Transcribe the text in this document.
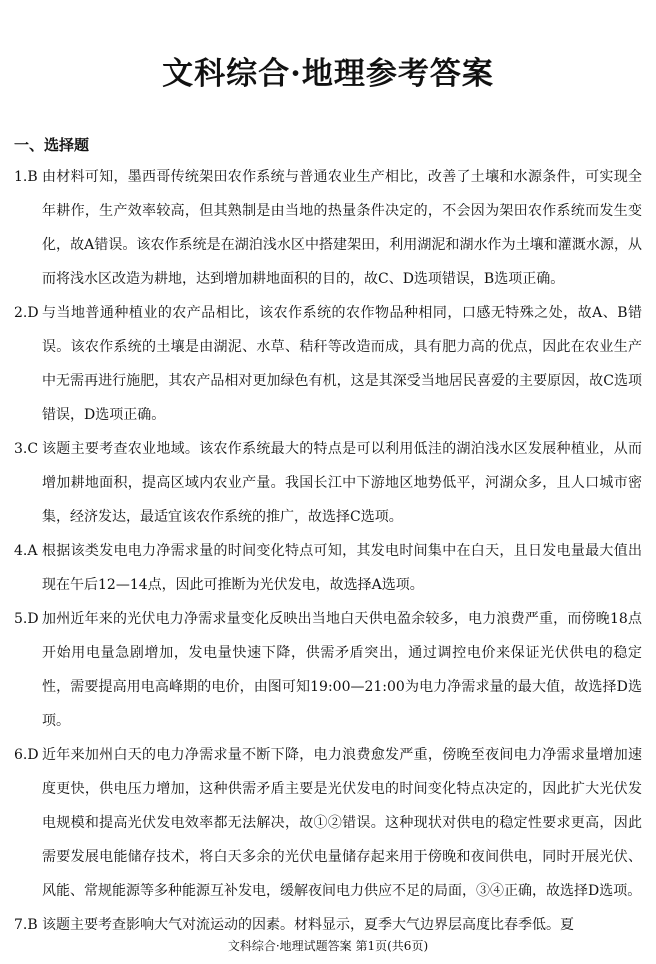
文科综合·地理参考答案
一、选择题

1.B 由材料可知，墨西哥传统架田农作系统与普通农业生产相比，改善了土壤和水源条件，可实现全年耕作，生产效率较高，但其熟制是由当地的热量条件决定的，不会因为架田农作系统而发生变化，故A错误。该农作系统是在湖泊浅水区中搭建架田，利用湖泥和湖水作为土壤和灌溉水源，从而将浅水区改造为耕地，达到增加耕地面积的目的，故C、D选项错误，B选项正确。

2.D 与当地普通种植业的农产品相比，该农作系统的农作物品种相同，口感无特殊之处，故A、B错误。该农作系统的土壤是由湖泥、水草、秸秆等改造而成，具有肥力高的优点，因此在农业生产中无需再进行施肥，其农产品相对更加绿色有机，这是其深受当地居民喜爱的主要原因，故C选项错误，D选项正确。

3.C 该题主要考查农业地域。该农作系统最大的特点是可以利用低洼的湖泊浅水区发展种植业，从而增加耕地面积，提高区域内农业产量。我国长江中下游地区地势低平，河湖众多，且人口城市密集，经济发达，最适宜该农作系统的推广，故选择C选项。

4.A 根据该类发电电力净需求量的时间变化特点可知，其发电时间集中在白天，且日发电量最大值出现在午后12—14点，因此可推断为光伏发电，故选择A选项。

5.D 加州近年来的光伏电力净需求量变化反映出当地白天供电盈余较多，电力浪费严重，而傍晚18点开始用电量急剧增加，发电量快速下降，供需矛盾突出，通过调控电价来保证光伏供电的稳定性，需要提高用电高峰期的电价，由图可知19:00—21:00为电力净需求量的最大值，故选择D选项。

6.D 近年来加州白天的电力净需求量不断下降，电力浪费愈发严重，傍晚至夜间电力净需求量增加速度更快，供电压力增加，这种供需矛盾主要是光伏发电的时间变化特点决定的，因此扩大光伏发电规模和提高光伏发电效率都无法解决，故①②错误。这种现状对供电的稳定性要求更高，因此需要发展电能储存技术，将白天多余的光伏电量储存起来用于傍晚和夜间供电，同时开展光伏、风能、常规能源等多种能源互补发电，缓解夜间电力供应不足的局面，③④正确，故选择D选项。

7.B 该题主要考查影响大气对流运动的因素。材料显示，夏季大气边界层高度比春季低。夏

文科综合·地理试题答案 第1页(共6页)
